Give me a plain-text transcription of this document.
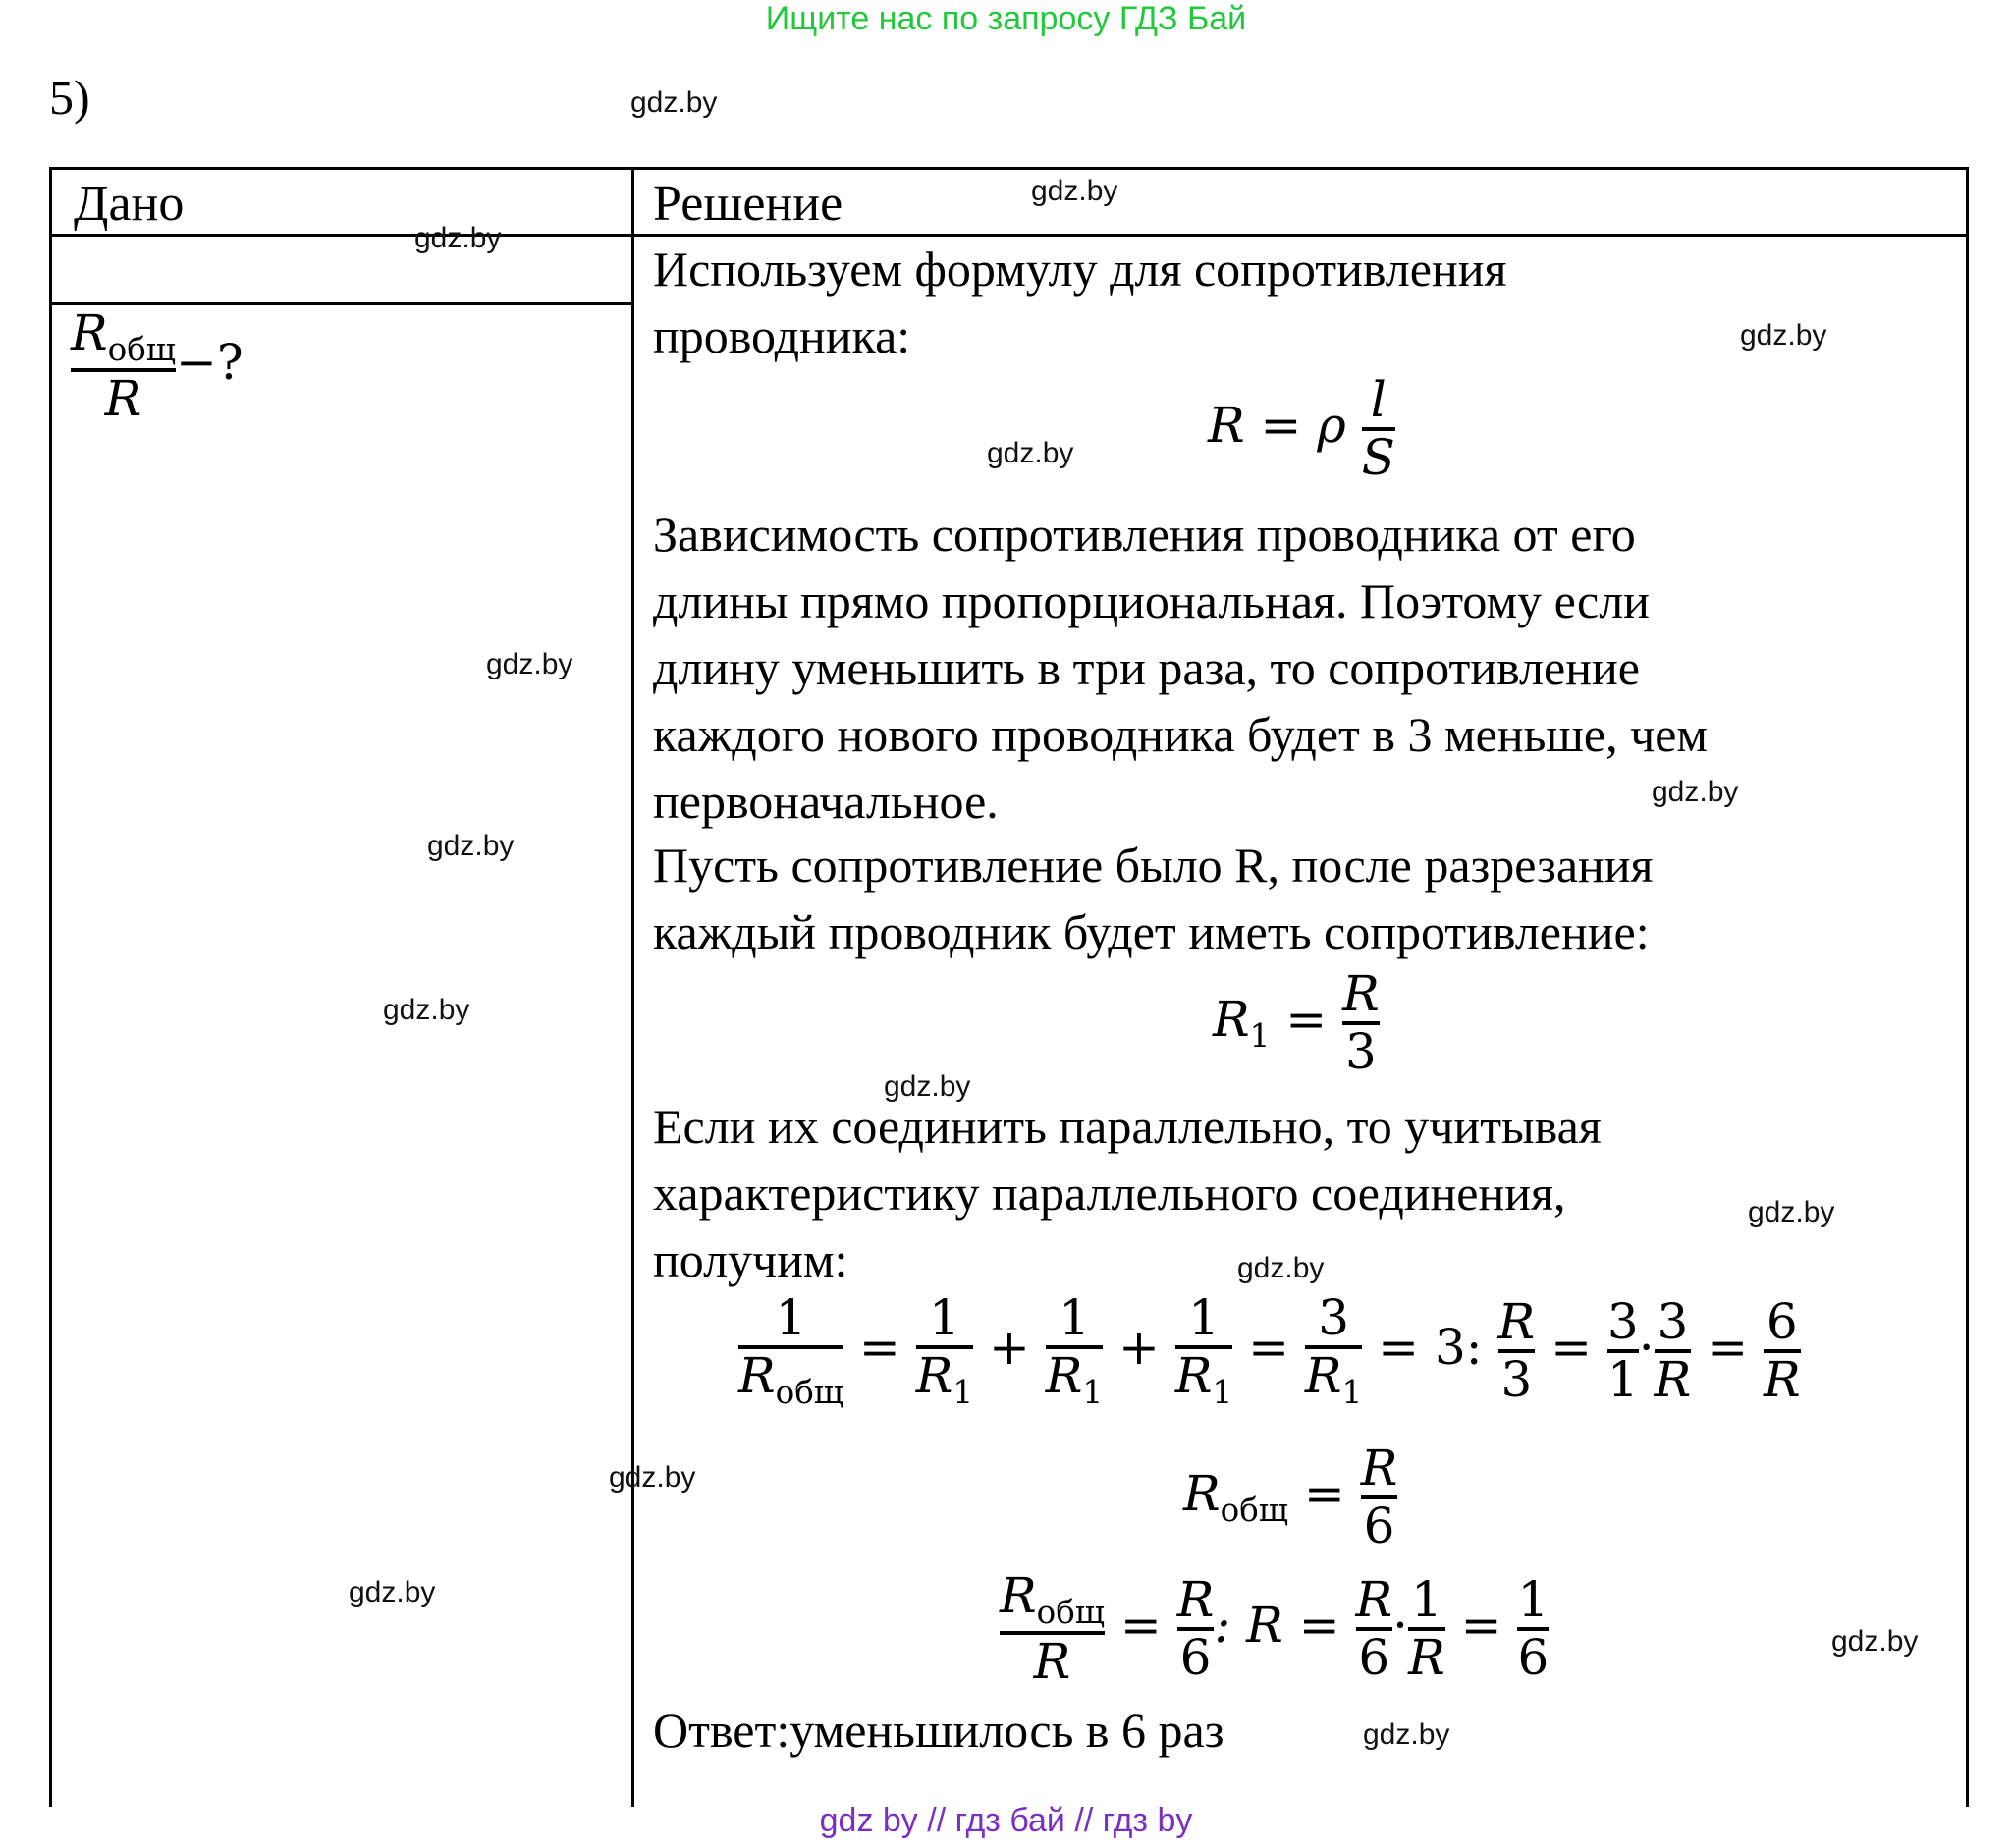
Ищите нас по запросу ГДЗ Бай
5)
Дано	Решение
$\frac{R_{общ}}{R}$ −?
Используем формулу для сопротивления
проводника:
R = ρ $\frac{l}{S}$
Зависимость сопротивления проводника от его
длины прямо пропорциональная. Поэтому если
длину уменьшить в три раза, то сопротивление
каждого нового проводника будет в 3 меньше, чем
первоначальное.
Пусть сопротивление было R, после разрезания
каждый проводник будет иметь сопротивление:
$R_1 = \frac{R}{3}$
Если их соединить параллельно, то учитывая
характеристику параллельного соединения,
получим:
$\frac{1}{R_{общ}} = \frac{1}{R_1} + \frac{1}{R_1} + \frac{1}{R_1} = \frac{3}{R_1} = 3$: $\frac{R}{3} = \frac{3}{1} \cdot \frac{3}{R} = \frac{6}{R}$
$R_{общ} = \frac{R}{6}$
$\frac{R_{общ}}{R} = \frac{R}{6}$ : $R = \frac{R}{6} \cdot \frac{1}{R} = \frac{1}{6}$
Ответ:уменьшилось в 6 раз
gdz.by
gdz.by
gdz.by
gdz.by
gdz.by
gdz.by
gdz.by
gdz.by
gdz.by
gdz.by
gdz.by
gdz.by
gdz.by
gdz.by
gdz.by
gdz.by
gdz by // гдз бай // гдз by
